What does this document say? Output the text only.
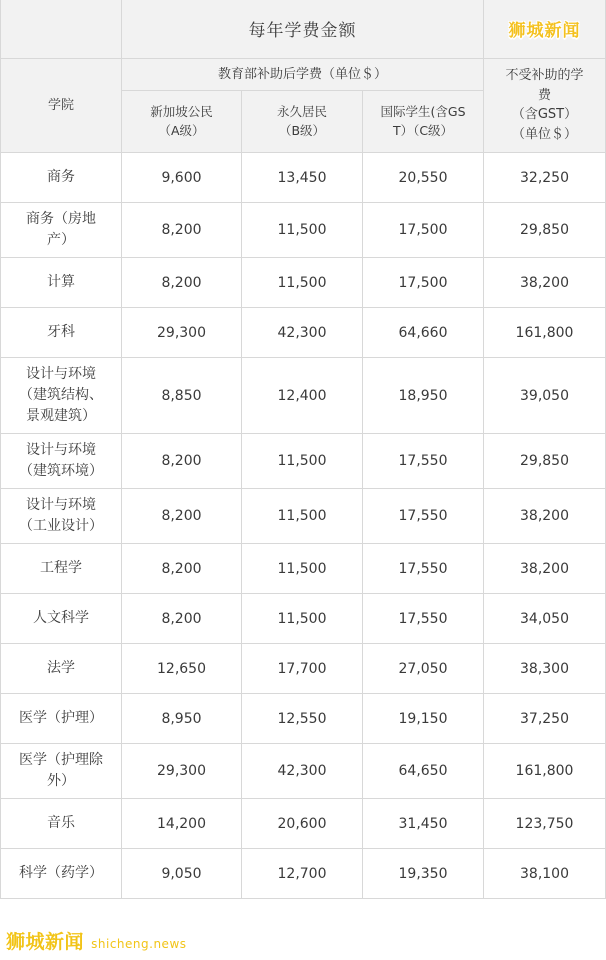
	每年学费金额			狮城新闻

学院	教育部补助后学费（单位＄）			不受补助的学
费
（含GST）
（单位＄）
	新加坡公民
（A级）	永久居民
（B级）	国际学生(含GS
T）（C级）	
商务	9,600	13,450	20,550	32,250
商务（房地
产）	8,200	11,500	17,500	29,850
计算	8,200	11,500	17,500	38,200
牙科	29,300	42,300	64,660	161,800
设计与环境
（建筑结构、
景观建筑）	8,850	12,400	18,950	39,050
设计与环境
（建筑环境）	8,200	11,500	17,550	29,850
设计与环境
（工业设计）	8,200	11,500	17,550	38,200
工程学	8,200	11,500	17,550	38,200
人文科学	8,200	11,500	17,550	34,050
法学	12,650	17,700	27,050	38,300
医学（护理）	8,950	12,550	19,150	37,250
医学（护理除
外）	29,300	42,300	64,650	161,800
音乐	14,200	20,600	31,450	123,750
科学（药学）	9,050	12,700	19,350	38,100
狮城新闻 shicheng.news
